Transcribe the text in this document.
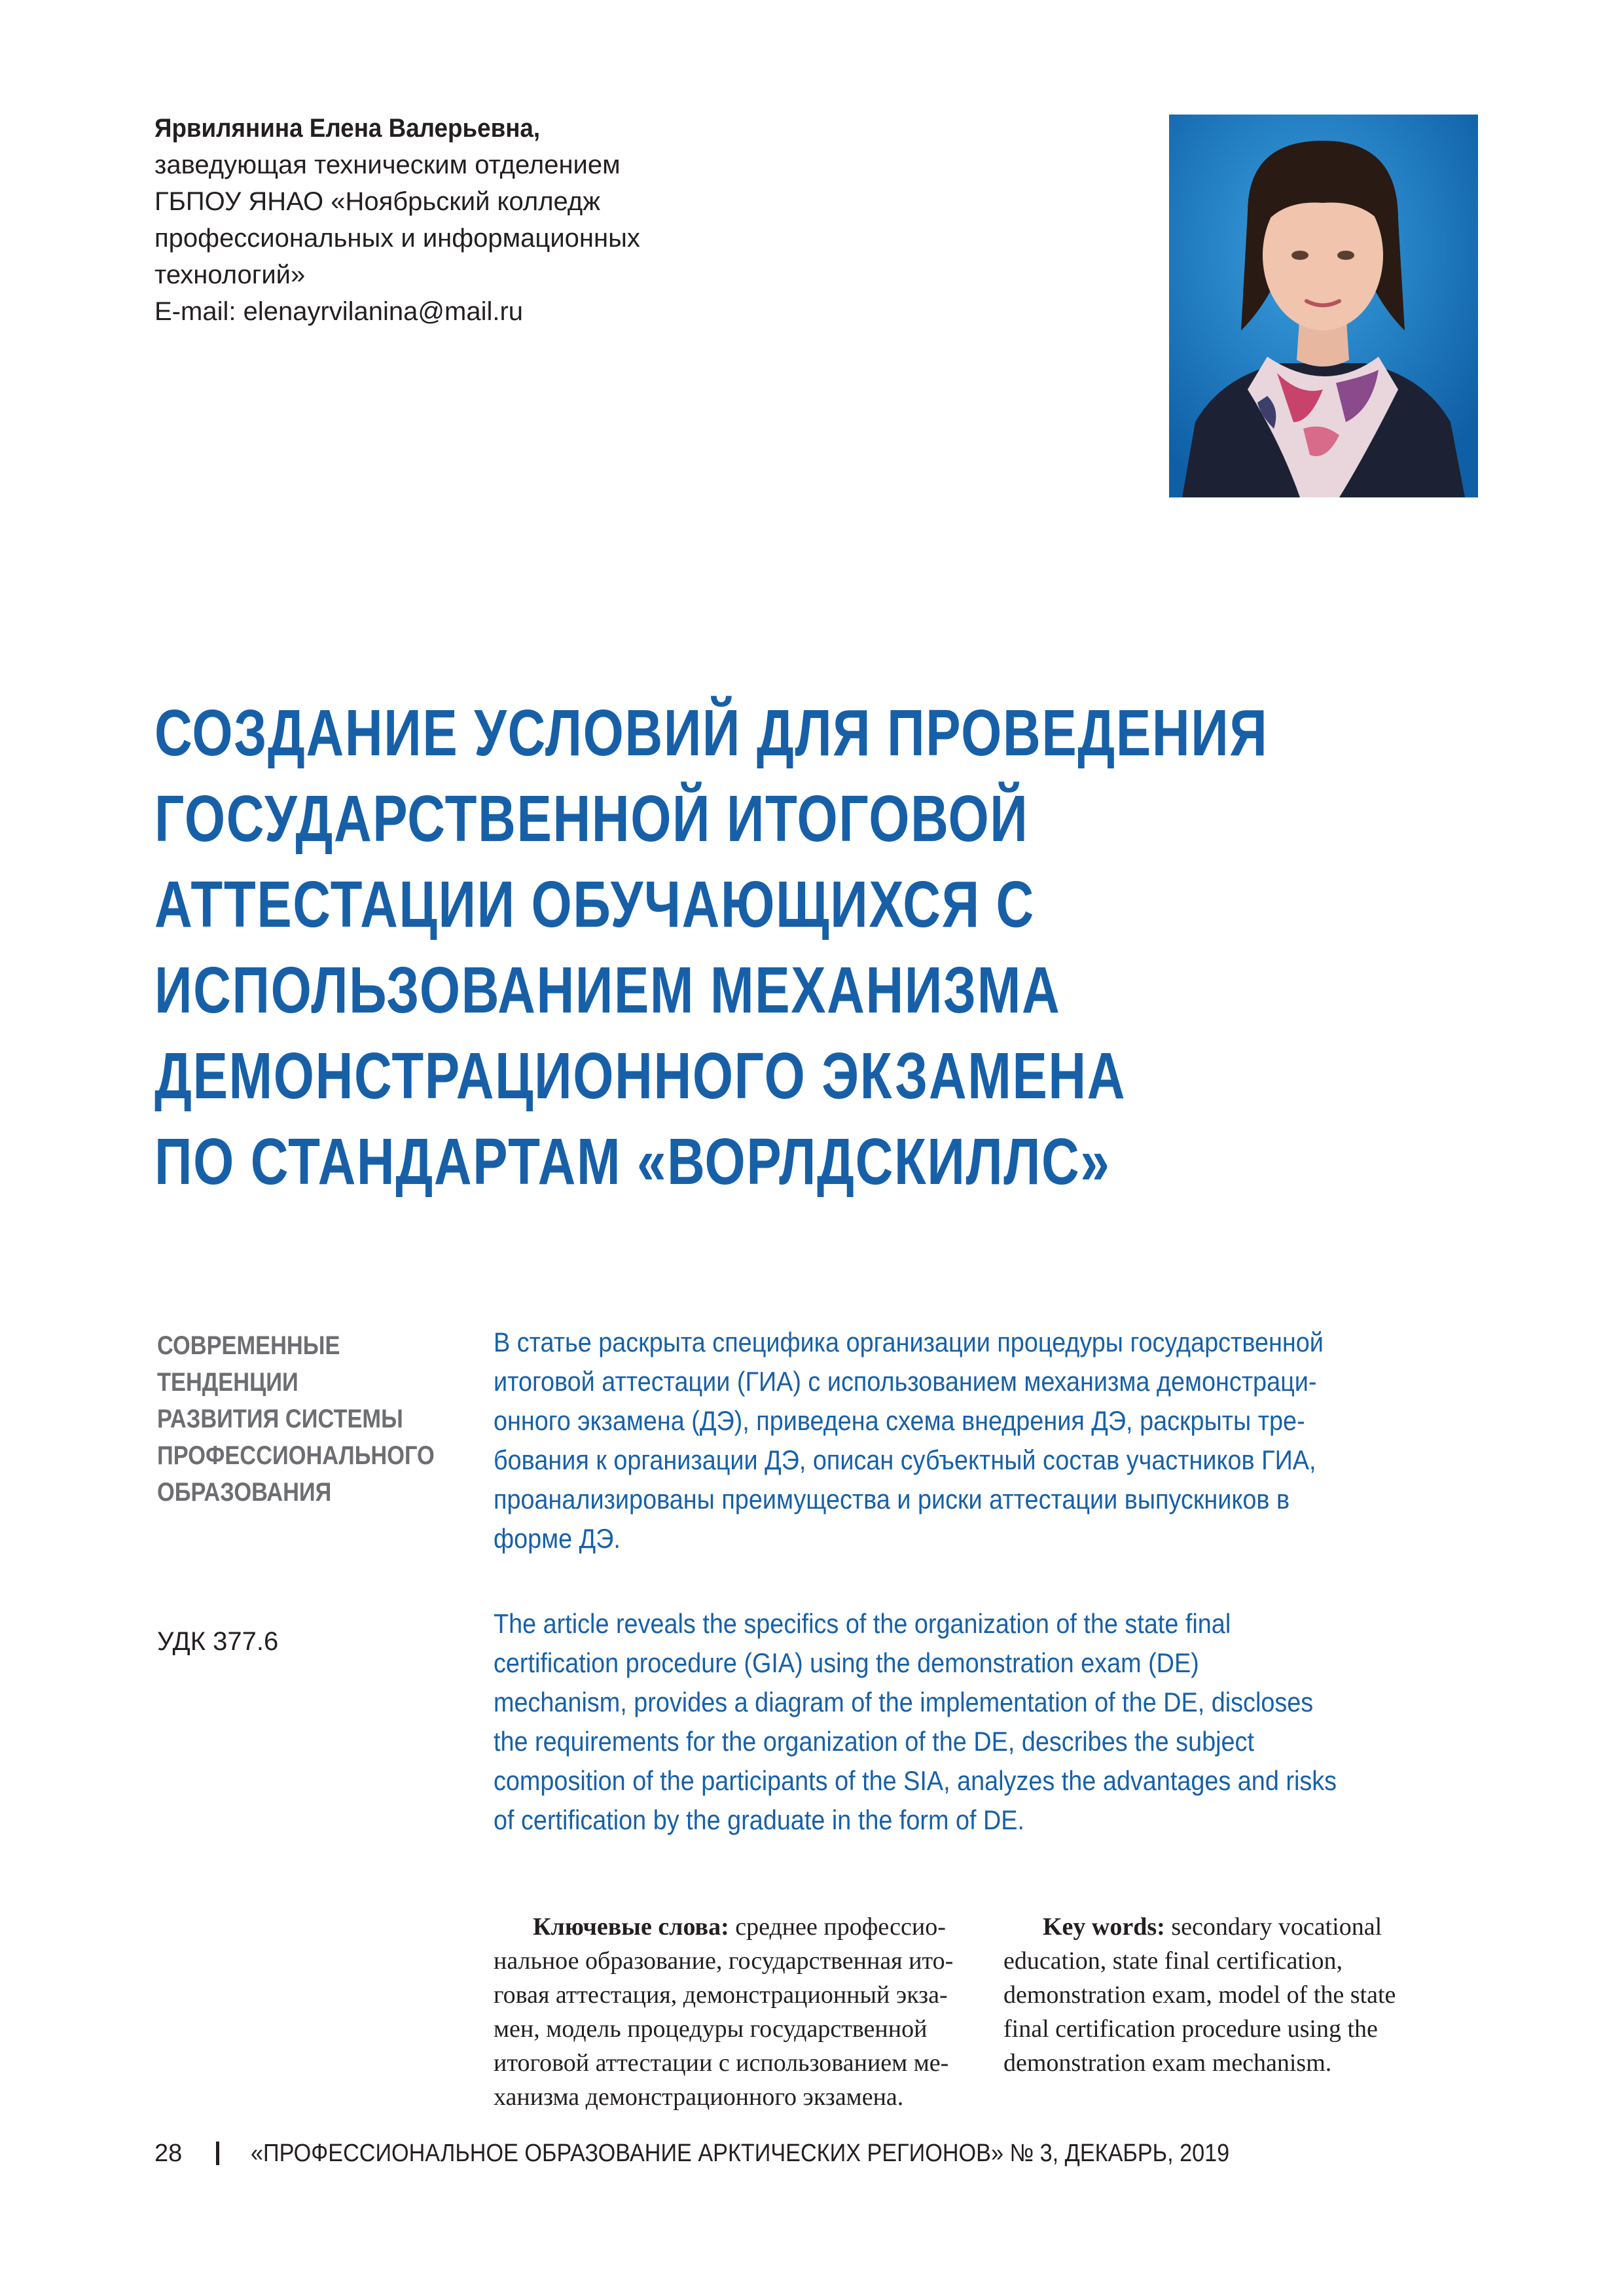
Ярвилянина Елена Валерьевна,
заведующая техническим отделением
ГБПОУ ЯНАО «Ноябрьский колледж
профессиональных и информационных
технологий»
E-mail: elenayrvilanina@mail.ru
СОЗДАНИЕ УСЛОВИЙ ДЛЯ ПРОВЕДЕНИЯ
ГОСУДАРСТВЕННОЙ ИТОГОВОЙ
АТТЕСТАЦИИ ОБУЧАЮЩИХСЯ С
ИСПОЛЬЗОВАНИЕМ МЕХАНИЗМА
ДЕМОНСТРАЦИОННОГО ЭКЗАМЕНА
ПО СТАНДАРТАМ «ВОРЛДСКИЛЛС»
СОВРЕМЕННЫЕ
ТЕНДЕНЦИИ
РАЗВИТИЯ СИСТЕМЫ
ПРОФЕССИОНАЛЬНОГО
ОБРАЗОВАНИЯ
УДК 377.6
В статье раскрыта специфика организации процедуры государственной
итоговой аттестации (ГИА) с использованием механизма демонстраци-
онного экзамена (ДЭ), приведена схема внедрения ДЭ, раскрыты тре-
бования к организации ДЭ, описан субъектный состав участников ГИА,
проанализированы преимущества и риски аттестации выпускников в
форме ДЭ.
The article reveals the specifics of the organization of the state final
certification procedure (GIA) using the demonstration exam (DE)
mechanism, provides a diagram of the implementation of the DE, discloses
the requirements for the organization of the DE, describes the subject
composition of the participants of the SIA, analyzes the advantages and risks
of certification by the graduate in the form of DE.
Ключевые слова: среднее профессио-
нальное образование, государственная ито-
говая аттестация, демонстрационный экза-
мен, модель процедуры государственной
итоговой аттестации с использованием ме-
ханизма демонстрационного экзамена.
Key words: secondary vocational
education, state final certification,
demonstration exam, model of the state
final certification procedure using the
demonstration exam mechanism.
28	«ПРОФЕССИОНАЛЬНОЕ ОБРАЗОВАНИЕ АРКТИЧЕСКИХ РЕГИОНОВ» № 3, ДЕКАБРЬ, 2019
